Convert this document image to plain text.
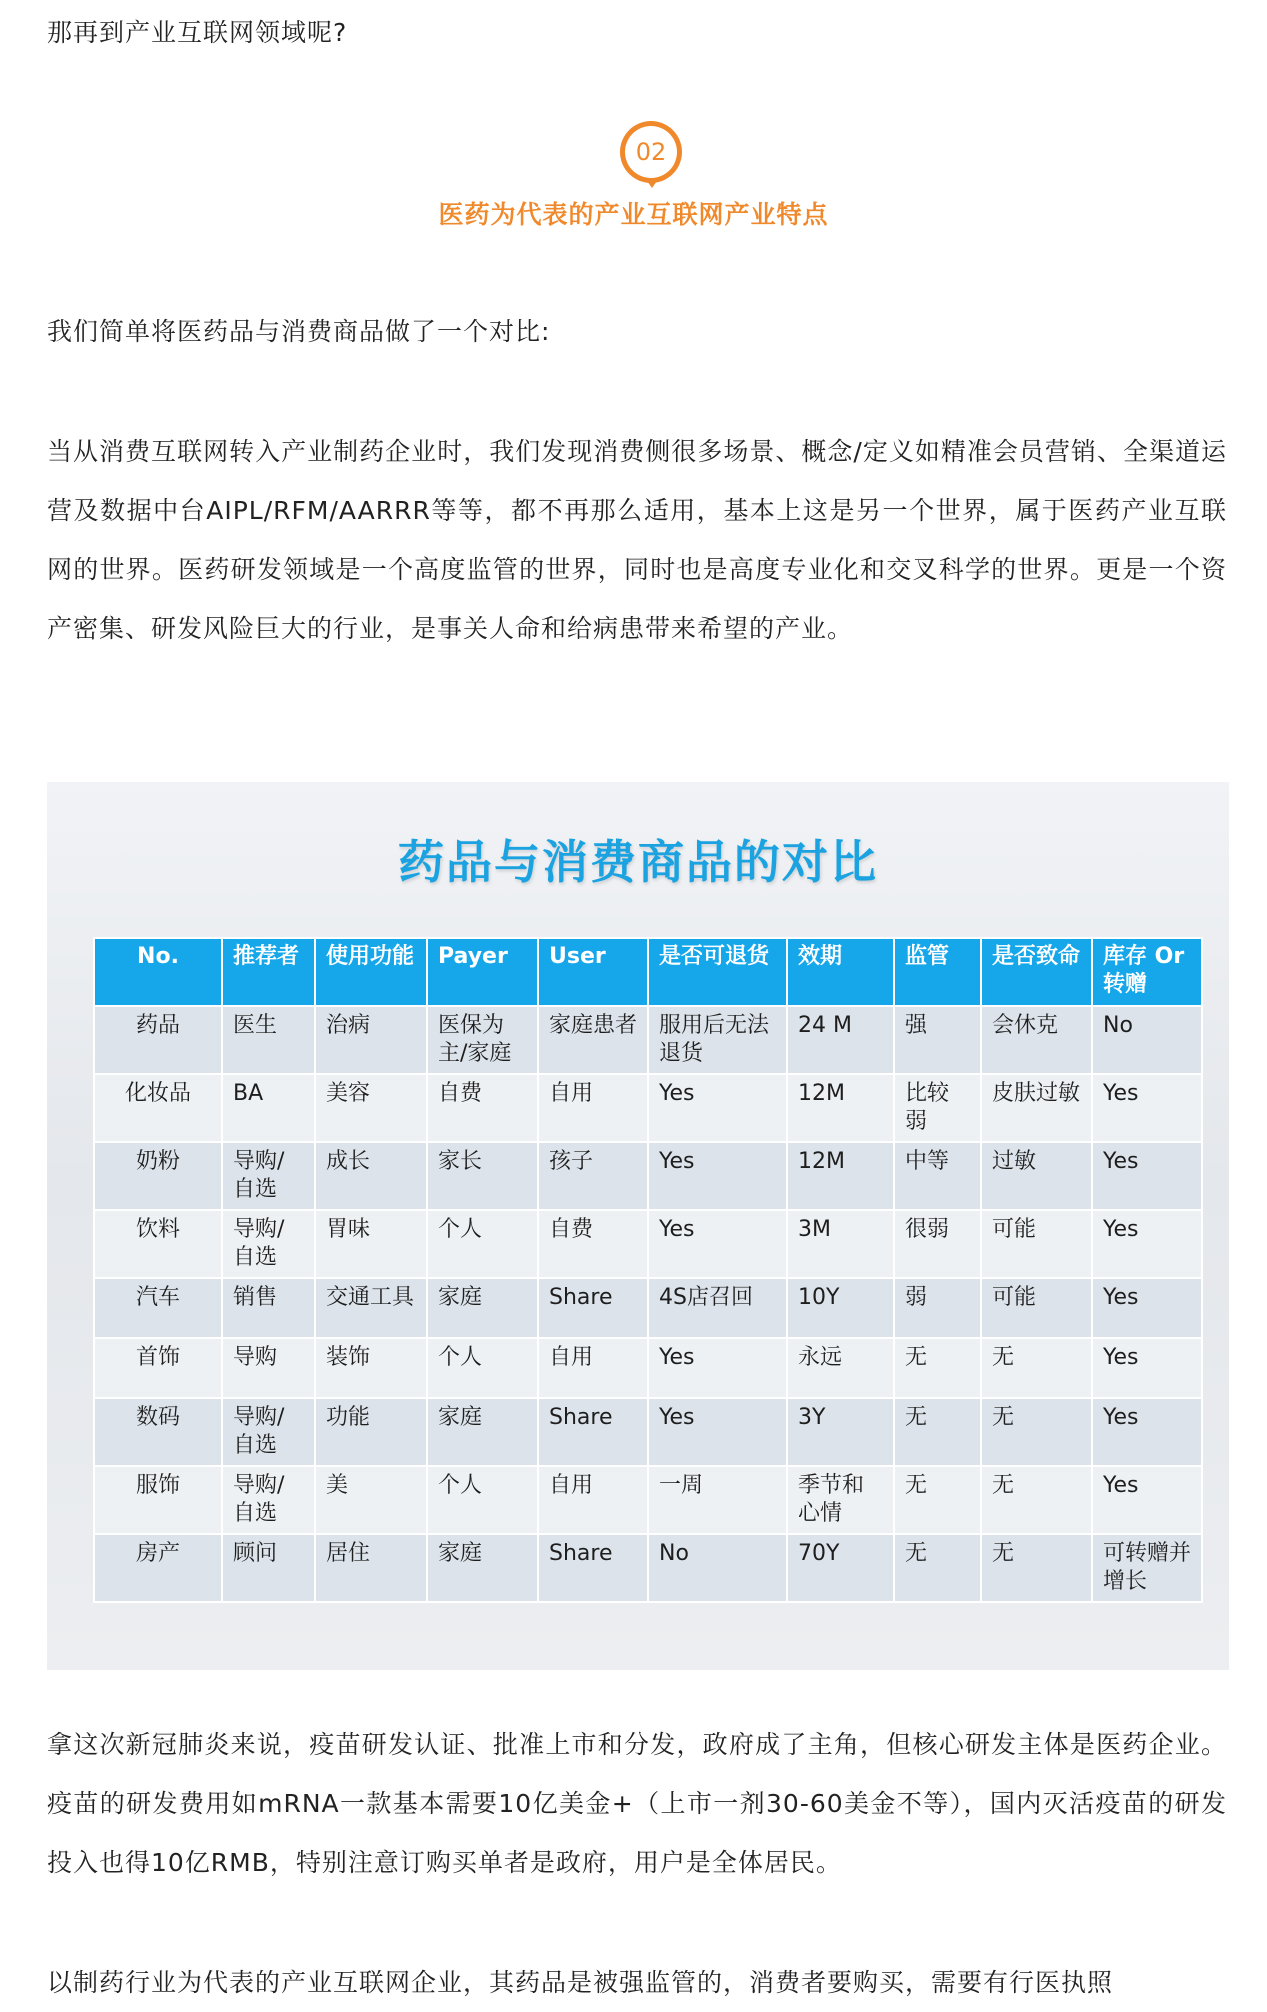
那再到产业互联网领域呢?

02
医药为代表的产业互联网产业特点

我们简单将医药品与消费商品做了一个对比:

当从消费互联网转入产业制药企业时，我们发现消费侧很多场景、概念/定义如精准会员营销、全渠道运营及数据中台AIPL/RFM/AARRR等等，都不再那么适用，基本上这是另一个世界，属于医药产业互联网的世界。医药研发领域是一个高度监管的世界，同时也是高度专业化和交叉科学的世界。更是一个资产密集、研发风险巨大的行业，是事关人命和给病患带来希望的产业。

药品与消费商品的对比
No.	推荐者	使用功能	Payer	User	是否可退货	效期	监管	是否致命	库存 Or 转赠
药品	医生	治病	医保为主/家庭	家庭患者	服用后无法退货	24 M	强	会休克	No
化妆品	BA	美容	自费	自用	Yes	12M	比较弱	皮肤过敏	Yes
奶粉	导购/自选	成长	家长	孩子	Yes	12M	中等	过敏	Yes
饮料	导购/自选	胃味	个人	自费	Yes	3M	很弱	可能	Yes
汽车	销售	交通工具	家庭	Share	4S店召回	10Y	弱	可能	Yes
首饰	导购	装饰	个人	自用	Yes	永远	无	无	Yes
数码	导购/自选	功能	家庭	Share	Yes	3Y	无	无	Yes
服饰	导购/自选	美	个人	自用	一周	季节和心情	无	无	Yes
房产	顾问	居住	家庭	Share	No	70Y	无	无	可转赠并增长

拿这次新冠肺炎来说，疫苗研发认证、批准上市和分发，政府成了主角，但核心研发主体是医药企业。疫苗的研发费用如mRNA一款基本需要10亿美金+（上市一剂30-60美金不等），国内灭活疫苗的研发投入也得10亿RMB，特别注意订购买单者是政府，用户是全体居民。

以制药行业为代表的产业互联网企业，其药品是被强监管的，消费者要购买，需要有行医执照
